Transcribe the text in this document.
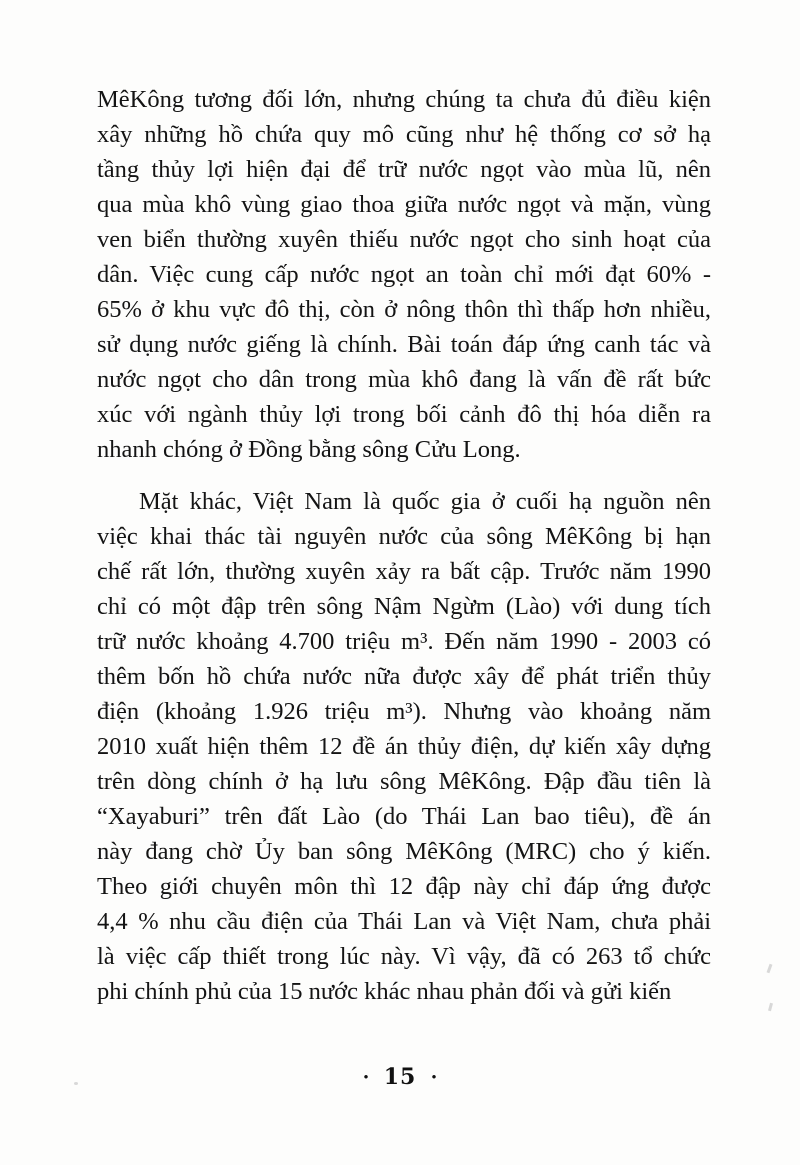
MêKông tương đối lớn, nhưng chúng ta chưa đủ điều kiện
xây những hồ chứa quy mô cũng như hệ thống cơ sở hạ
tầng thủy lợi hiện đại để trữ nước ngọt vào mùa lũ, nên
qua mùa khô vùng giao thoa giữa nước ngọt và mặn, vùng
ven biển thường xuyên thiếu nước ngọt cho sinh hoạt của
dân. Việc cung cấp nước ngọt an toàn chỉ mới đạt 60% -
65% ở khu vực đô thị, còn ở nông thôn thì thấp hơn nhiều,
sử dụng nước giếng là chính. Bài toán đáp ứng canh tác và
nước ngọt cho dân trong mùa khô đang là vấn đề rất bức
xúc với ngành thủy lợi trong bối cảnh đô thị hóa diễn ra
nhanh chóng ở Đồng bằng sông Cửu Long.
Mặt khác, Việt Nam là quốc gia ở cuối hạ nguồn nên
việc khai thác tài nguyên nước của sông MêKông bị hạn
chế rất lớn, thường xuyên xảy ra bất cập. Trước năm 1990
chỉ có một đập trên sông Nậm Ngừm (Lào) với dung tích
trữ nước khoảng 4.700 triệu m³. Đến năm 1990 - 2003 có
thêm bốn hồ chứa nước nữa được xây để phát triển thủy
điện (khoảng 1.926 triệu m³). Nhưng vào khoảng năm
2010 xuất hiện thêm 12 đề án thủy điện, dự kiến xây dựng
trên dòng chính ở hạ lưu sông MêKông. Đập đầu tiên là
“Xayaburi” trên đất Lào (do Thái Lan bao tiêu), đề án
này đang chờ Ủy ban sông MêKông (MRC) cho ý kiến.
Theo giới chuyên môn thì 12 đập này chỉ đáp ứng được
4,4 % nhu cầu điện của Thái Lan và Việt Nam, chưa phải
là việc cấp thiết trong lúc này. Vì vậy, đã có 263 tổ chức
phi chính phủ của 15 nước khác nhau phản đối và gửi kiến
• 15 •
